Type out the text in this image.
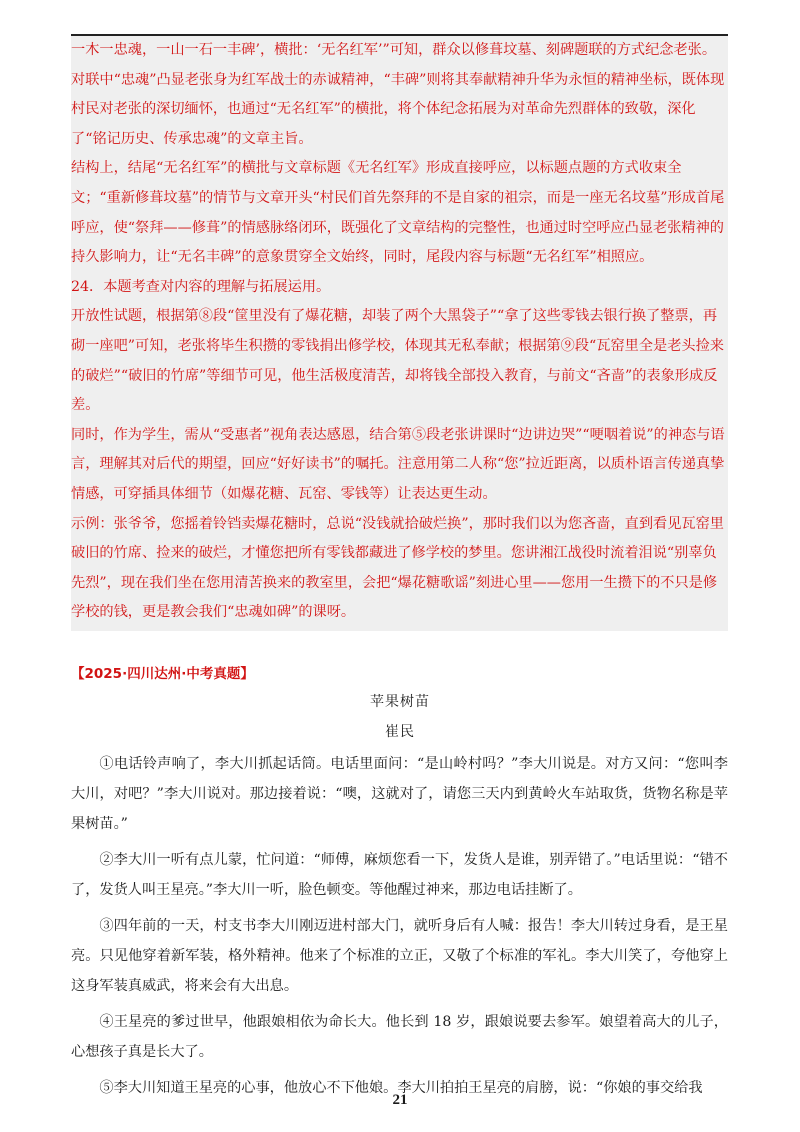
一木一忠魂，一山一石一丰碑’，横批：‘无名红军’”可知，群众以修葺坟墓、刻碑题联的方式纪念老张。对联中“忠魂”凸显老张身为红军战士的赤诚精神，“丰碑”则将其奉献精神升华为永恒的精神坐标，既体现村民对老张的深切缅怀，也通过“无名红军”的横批，将个体纪念拓展为对革命先烈群体的致敬，深化了“铭记历史、传承忠魂”的文章主旨。

结构上，结尾“无名红军”的横批与文章标题《无名红军》形成直接呼应，以标题点题的方式收束全文；“重新修葺坟墓”的情节与文章开头“村民们首先祭拜的不是自家的祖宗，而是一座无名坟墓”形成首尾呼应，使“祭拜——修葺”的情感脉络闭环，既强化了文章结构的完整性，也通过时空呼应凸显老张精神的持久影响力，让“无名丰碑”的意象贯穿全文始终，同时，尾段内容与标题“无名红军”相照应。

24．本题考查对内容的理解与拓展运用。

开放性试题，根据第⑧段“筐里没有了爆花糖，却装了两个大黑袋子”“拿了这些零钱去银行换了整票，再砌一座吧”可知，老张将毕生积攒的零钱捐出修学校，体现其无私奉献；根据第⑨段“瓦窑里全是老头捡来的破烂”“破旧的竹席”等细节可见，他生活极度清苦，却将钱全部投入教育，与前文“吝啬”的表象形成反差。

同时，作为学生，需从“受惠者”视角表达感恩，结合第⑤段老张讲课时“边讲边哭”“哽咽着说”的神态与语言，理解其对后代的期望，回应“好好读书”的嘱托。注意用第二人称“您”拉近距离，以质朴语言传递真挚情感，可穿插具体细节（如爆花糖、瓦窑、零钱等）让表达更生动。

示例：张爷爷，您摇着铃铛卖爆花糖时，总说“没钱就拾破烂换”，那时我们以为您吝啬，直到看见瓦窑里破旧的竹席、捡来的破烂，才懂您把所有零钱都藏进了修学校的梦里。您讲湘江战役时流着泪说“别辜负先烈”，现在我们坐在您用清苦换来的教室里，会把“爆花糖歌谣”刻进心里——您用一生攒下的不只是修学校的钱，更是教会我们“忠魂如碑”的课呀。

【2025·四川达州·中考真题】
苹果树苗
崔民

①电话铃声响了，李大川抓起话筒。电话里面问：“是山岭村吗？”李大川说是。对方又问：“您叫李大川，对吧？”李大川说对。那边接着说：“噢，这就对了，请您三天内到黄岭火车站取货，货物名称是苹果树苗。”

②李大川一听有点儿蒙，忙问道：“师傅，麻烦您看一下，发货人是谁，别弄错了。”电话里说：“错不了，发货人叫王星亮。”李大川一听，脸色顿变。等他醒过神来，那边电话挂断了。

③四年前的一天，村支书李大川刚迈进村部大门，就听身后有人喊：报告！李大川转过身看，是王星亮。只见他穿着新军装，格外精神。他来了个标准的立正，又敬了个标准的军礼。李大川笑了，夸他穿上这身军装真威武，将来会有大出息。

④王星亮的爹过世早，他跟娘相依为命长大。他长到 18 岁，跟娘说要去参军。娘望着高大的儿子，心想孩子真是长大了。

⑤李大川知道王星亮的心事，他放心不下他娘。李大川拍拍王星亮的肩膀，说：“你娘的事交给我

21
